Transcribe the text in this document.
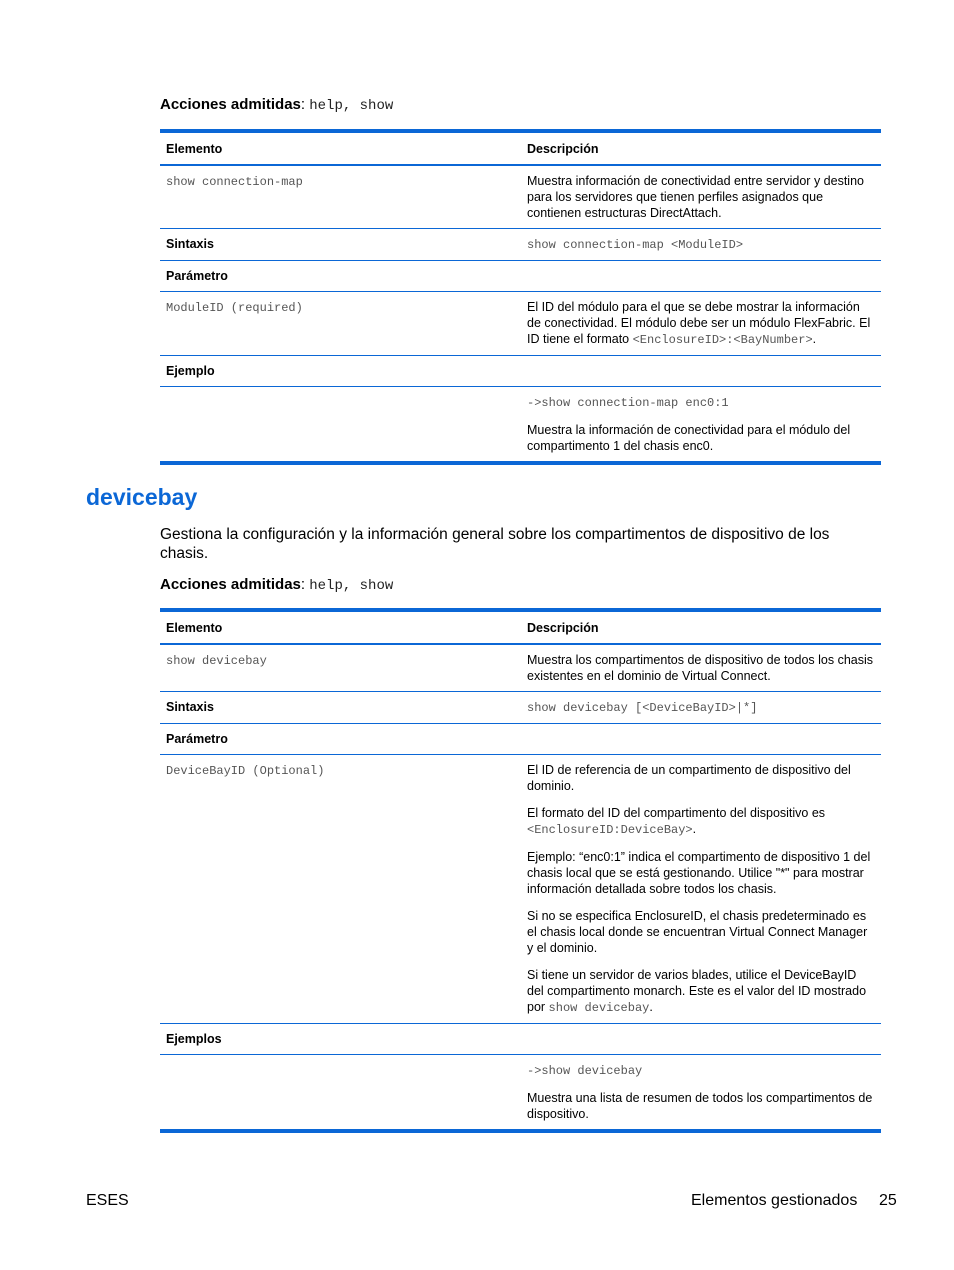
Acciones admitidas: help, show
Elemento	Descripción
show connection-map	Muestra información de conectividad entre servidor y destino para los servidores que tienen perfiles asignados que contienen estructuras DirectAttach.
Sintaxis	show connection-map <ModuleID>
Parámetro	
ModuleID (required)	El ID del módulo para el que se debe mostrar la información de conectividad. El módulo debe ser un módulo FlexFabric. El ID tiene el formato <EnclosureID>:<BayNumber>.
Ejemplo	

	->show connection-map enc0:1

Muestra la información de conectividad para el módulo del compartimento 1 del chasis enc0.

devicebay

Gestiona la configuración y la información general sobre los compartimentos de dispositivo de los chasis.

Acciones admitidas: help, show
Elemento	Descripción
show devicebay	Muestra los compartimentos de dispositivo de todos los chasis existentes en el dominio de Virtual Connect.
Sintaxis	show devicebay [<DeviceBayID>|*]
Parámetro	
DeviceBayID (Optional)	El ID de referencia de un compartimento de dispositivo del dominio.

El formato del ID del compartimento del dispositivo es <EnclosureID:DeviceBay>.

Ejemplo: “enc0:1” indica el compartimento de dispositivo 1 del chasis local que se está gestionando. Utilice "*" para mostrar información detallada sobre todos los chasis.

Si no se especifica EnclosureID, el chasis predeterminado es el chasis local donde se encuentran Virtual Connect Manager y el dominio.

Si tiene un servidor de varios blades, utilice el DeviceBayID del compartimento monarch. Este es el valor del ID mostrado por show devicebay.

Ejemplos	

	->show devicebay

Muestra una lista de resumen de todos los compartimentos de dispositivo.

ESES	Elementos gestionados 25
